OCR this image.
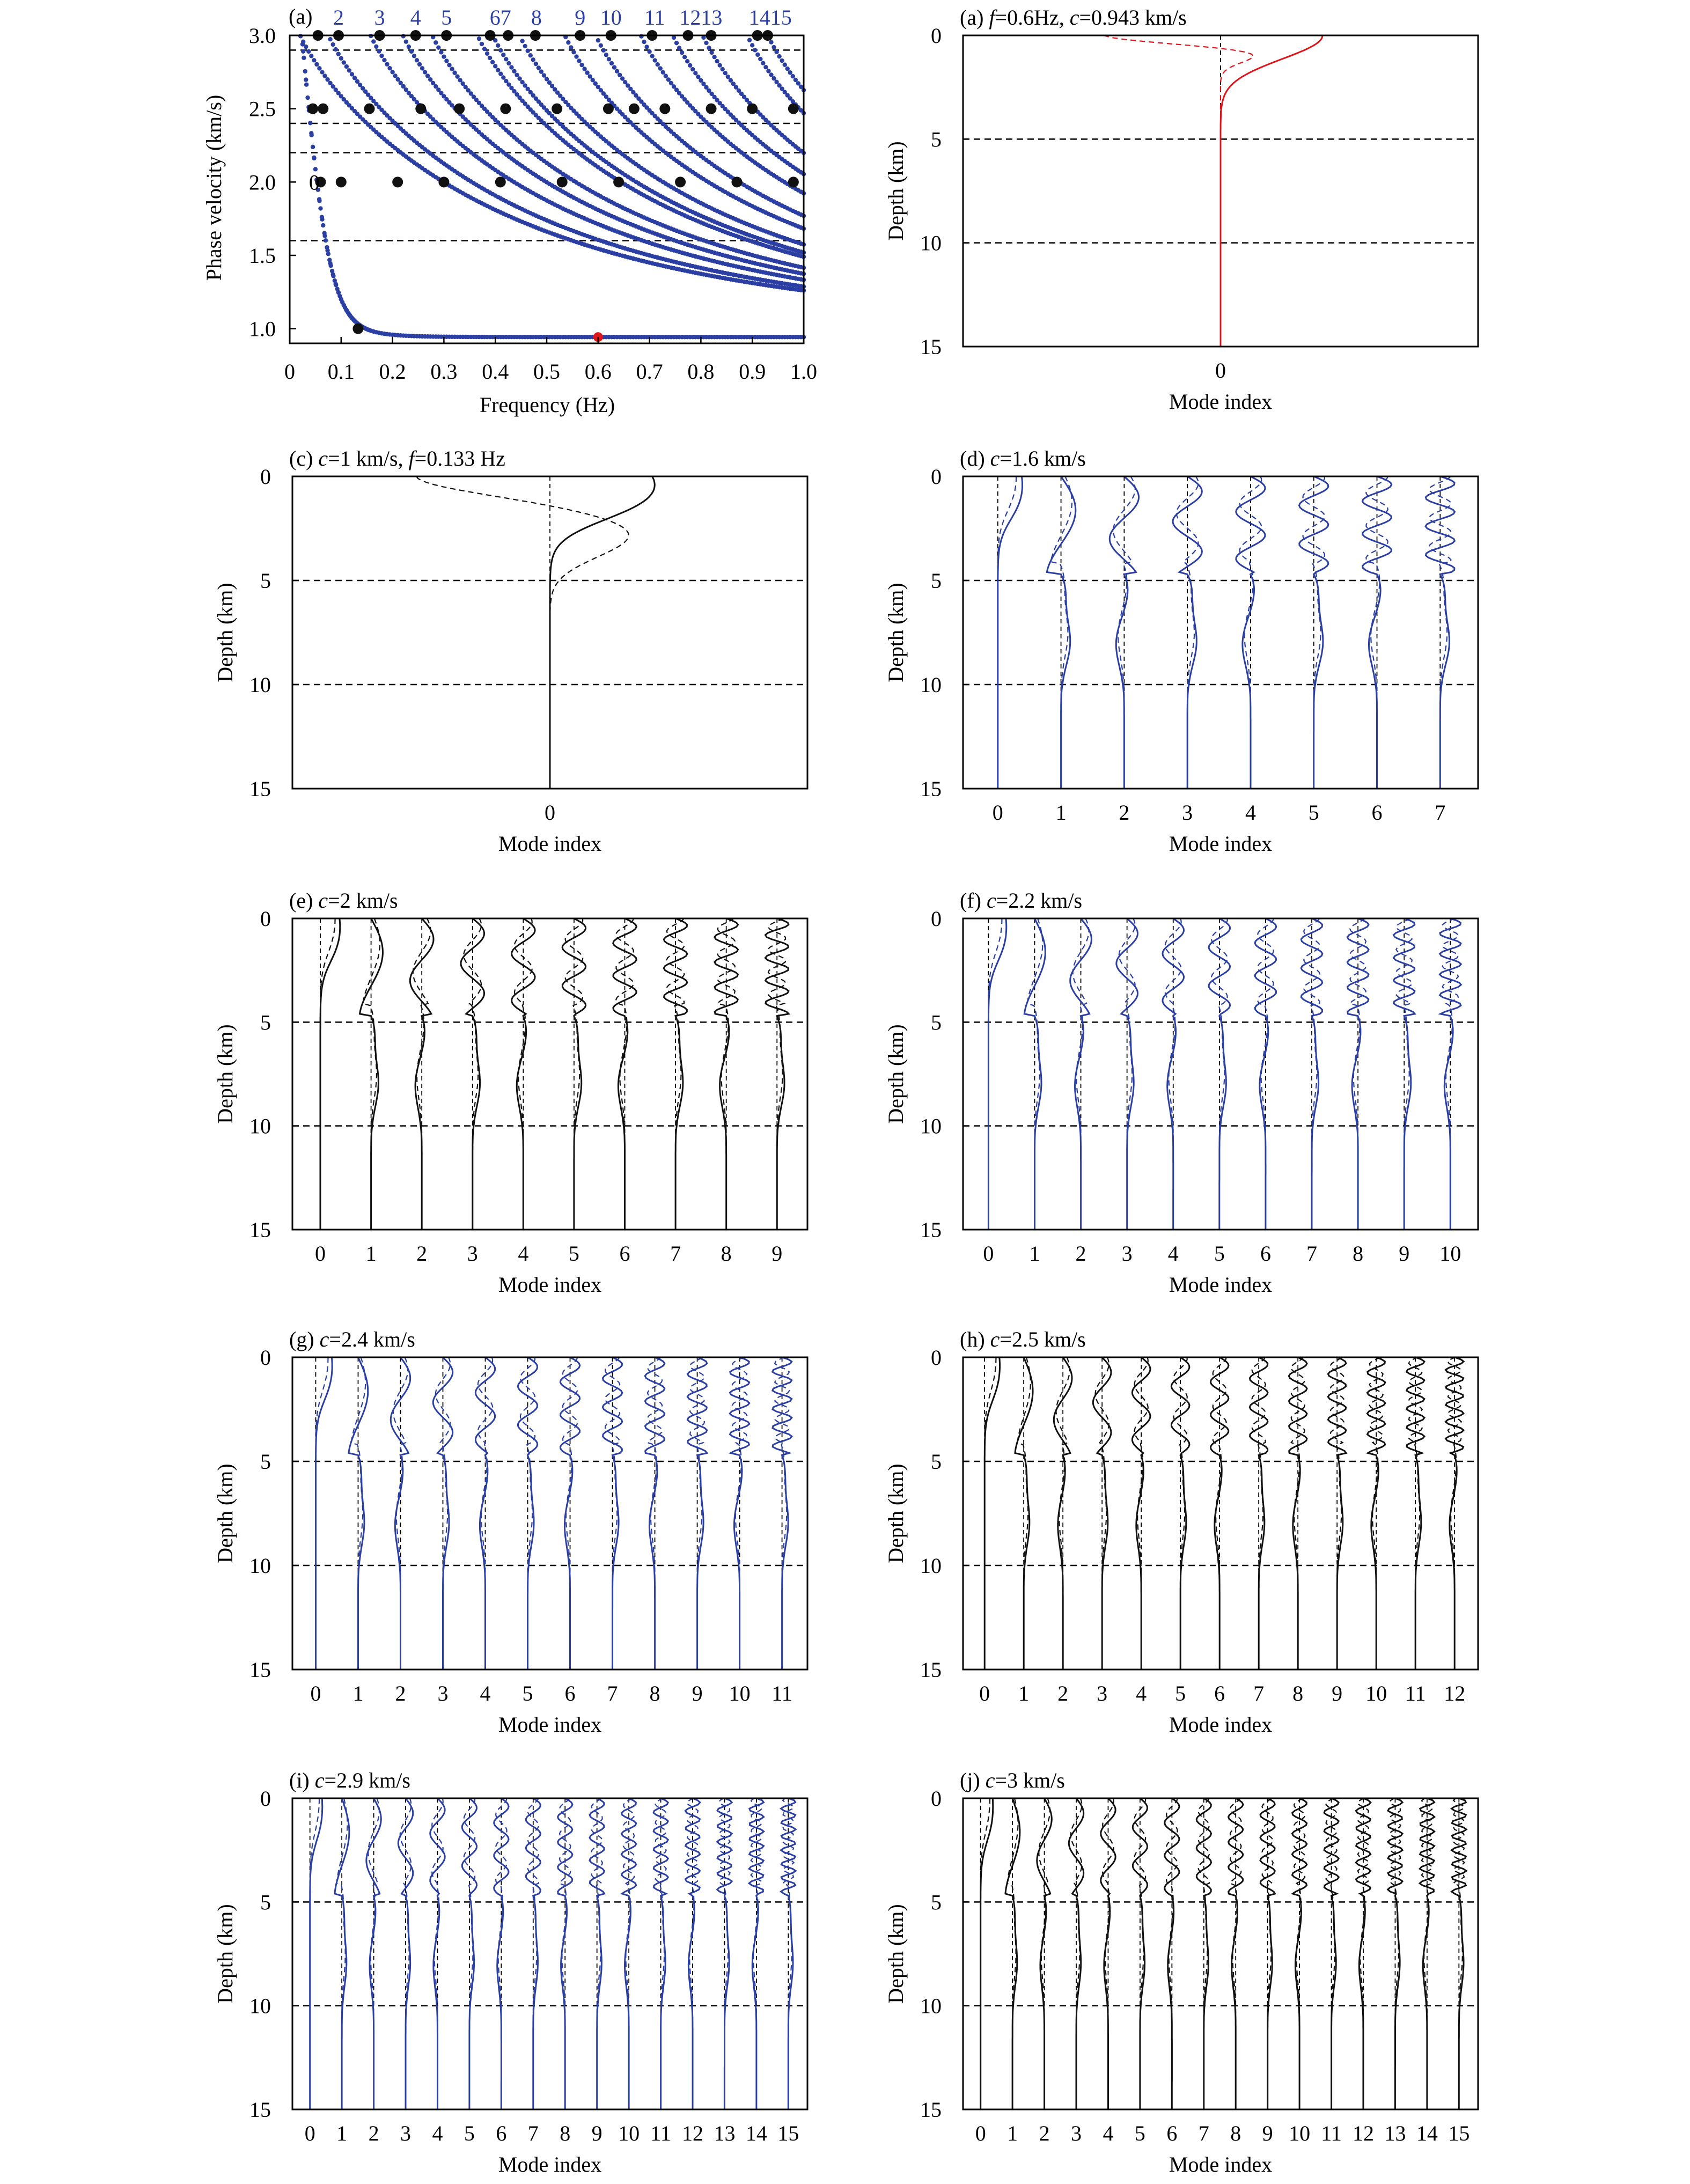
0 0.1 0.2 0.3 0.4 0.5 0.6 0.7 0.8 0.9 1.0
1.0
1.5
2.0
2.5
3.0
Frequency (Hz)
Phase velocity (km/s)
(a) 2 3 4 5 67 8 9 10 11 1213 1415
0
0
0
5
10
15
Depth (km)
Mode index
(a) f=0.6Hz, c=0.943 km/s
0
0
5
10
15
Depth (km)
Mode index
(c) c=1 km/s, f=0.133 Hz
0 1 2 3 4 5 6 7
0
5
10
15
Depth (km)
Mode index
(d) c=1.6 km/s
0 1 2 3 4 5 6 7 8 9
0
5
10
15
Depth (km)
Mode index
(e) c=2 km/s
0 1 2 3 4 5 6 7 8 9 10
0
5
10
15
Depth (km)
Mode index
(f) c=2.2 km/s
0 1 2 3 4 5 6 7 8 9 10 11
0
5
10
15
Depth (km)
Mode index
(g) c=2.4 km/s
0 1 2 3 4 5 6 7 8 9 10 11 12
0
5
10
15
Depth (km)
Mode index
(h) c=2.5 km/s
0 1 2 3 4 5 6 7 8 9 10 11 12 13 14 15
0
5
10
15
Depth (km)
Mode index
(i) c=2.9 km/s
0 1 2 3 4 5 6 7 8 9 10 11 12 13 14 15
0
5
10
15
Depth (km)
Mode index
(j) c=3 km/s
